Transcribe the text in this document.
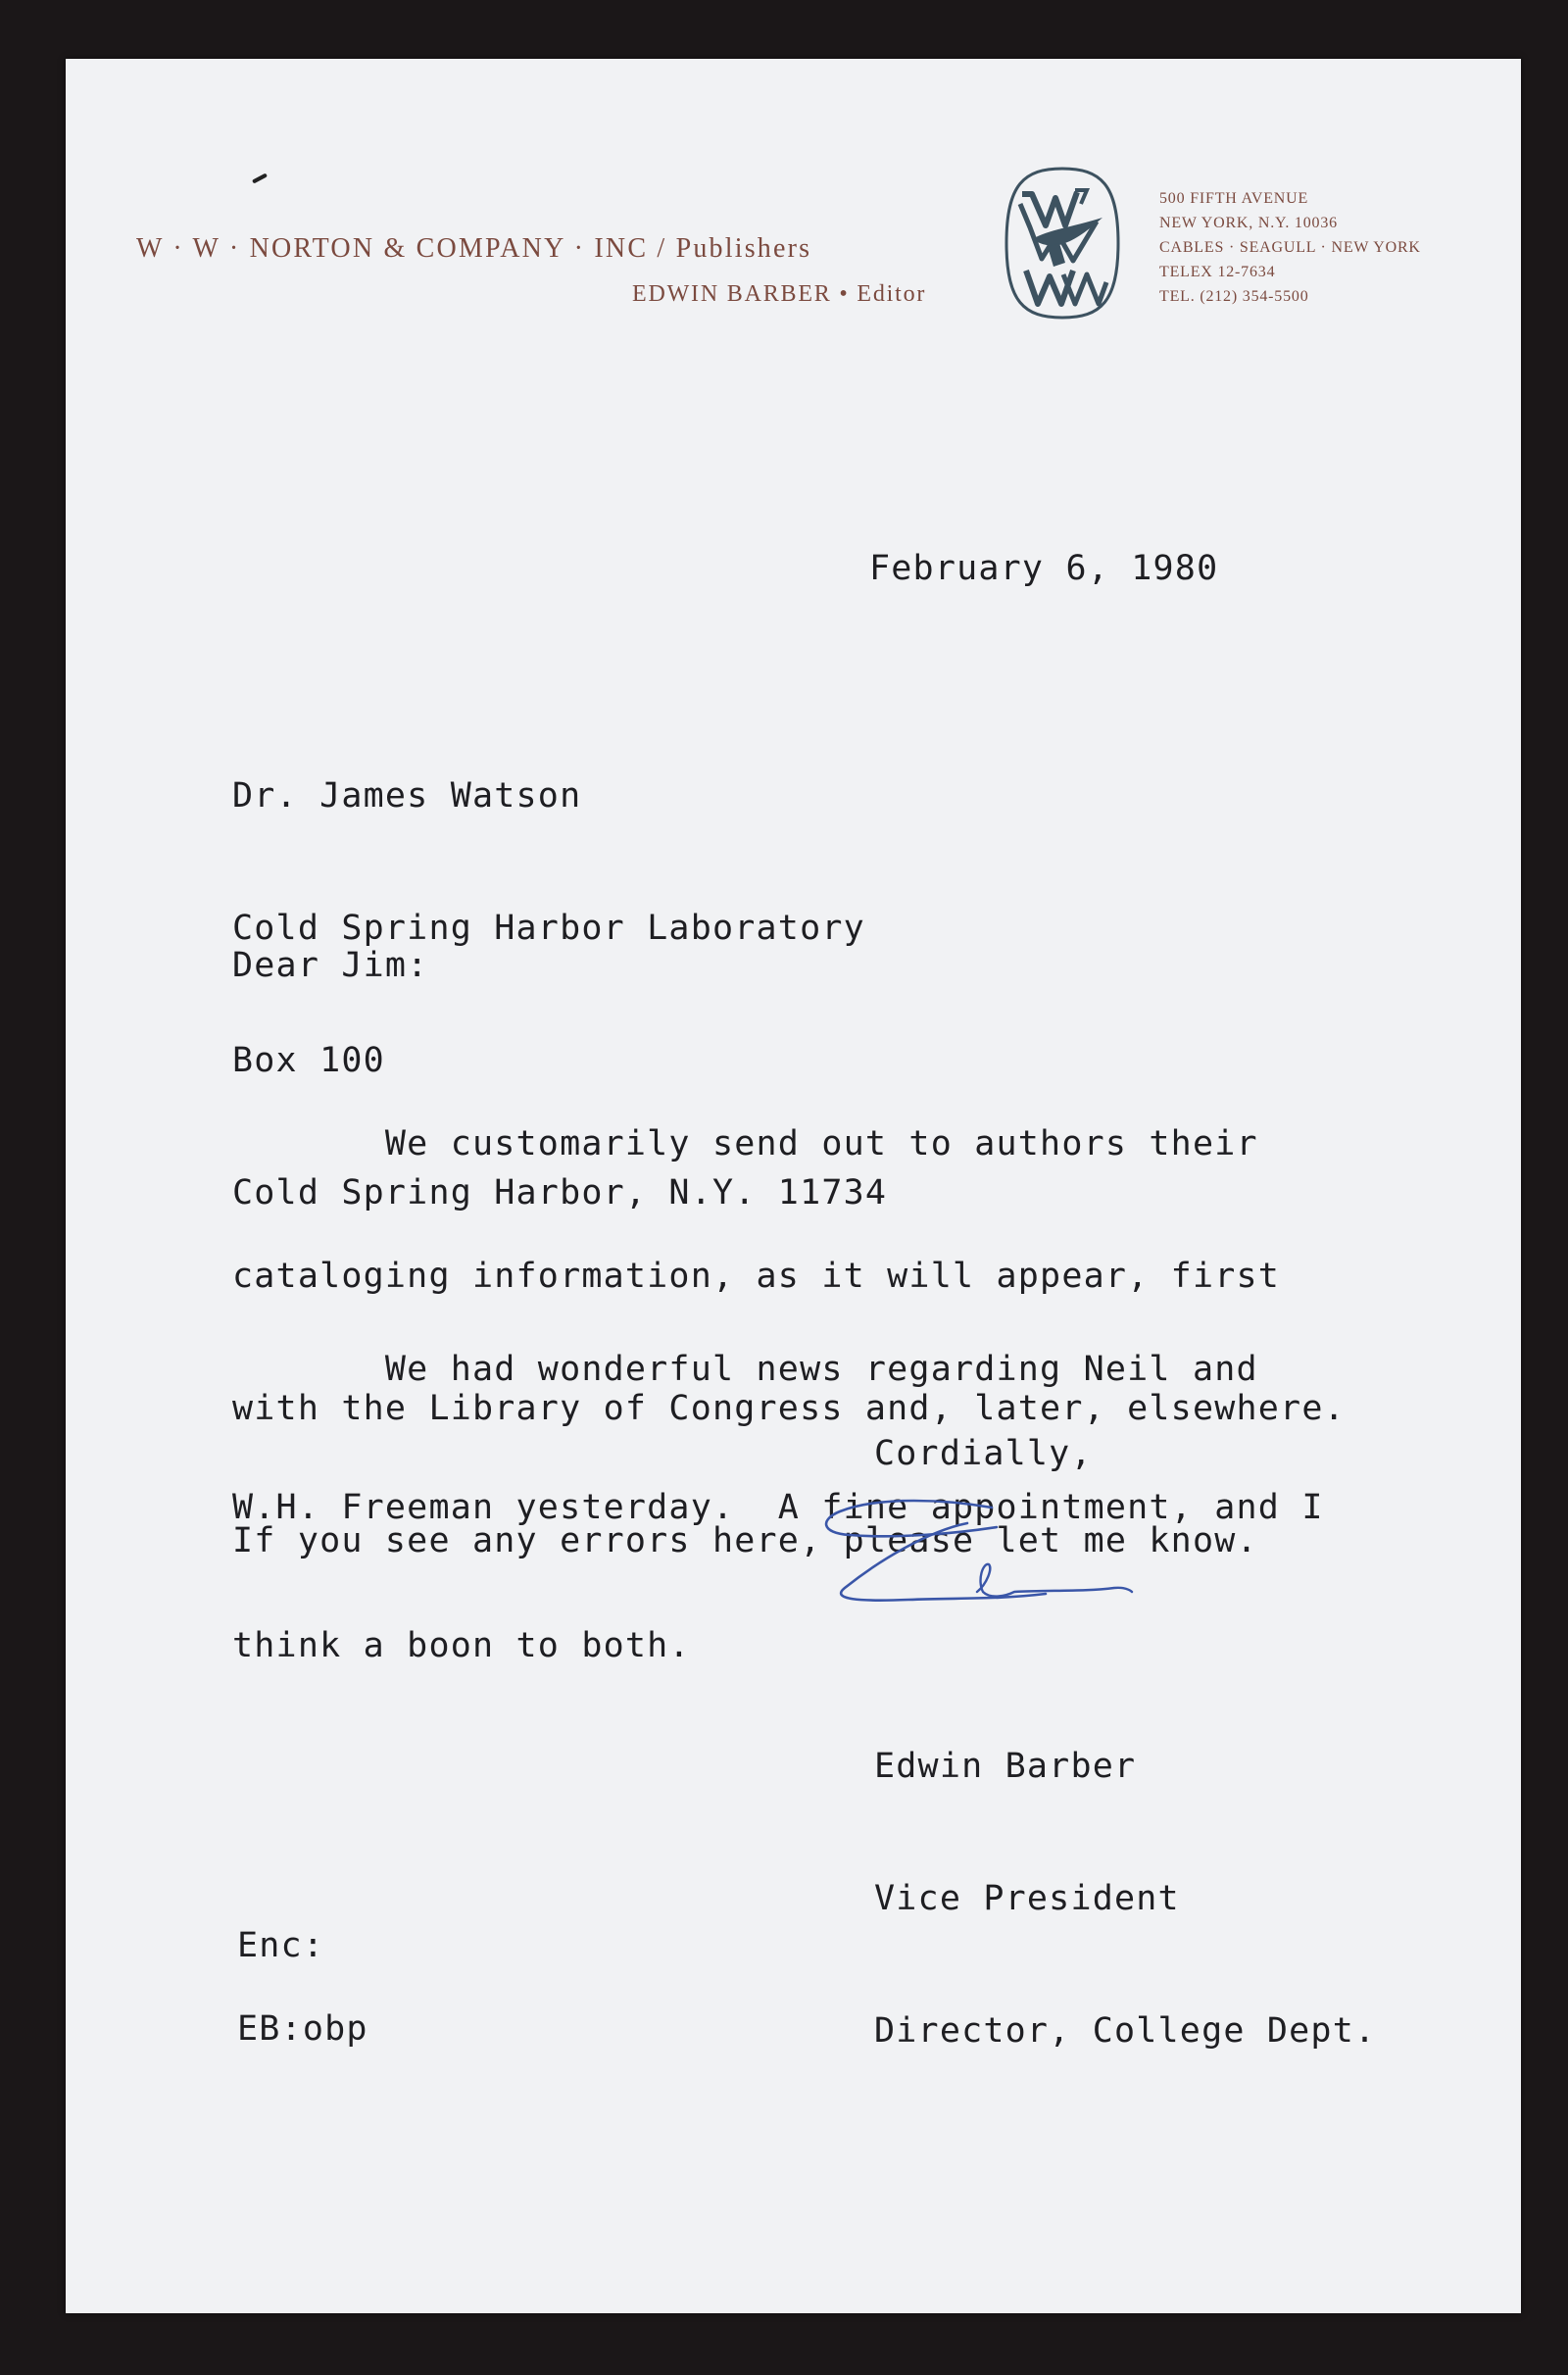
W · W · NORTON & COMPANY · INC / Publishers
EDWIN BARBER • Editor
500 FIFTH AVENUE
NEW YORK, N.Y. 10036
CABLES · SEAGULL · NEW YORK
TELEX 12-7634
TEL. (212) 354-5500
February 6, 1980

Dr. James Watson

Cold Spring Harbor Laboratory

Box 100

Cold Spring Harbor, N.Y. 11734

Dear Jim:

We customarily send out to authors their

cataloging information, as it will appear, first

with the Library of Congress and, later, elsewhere.

If you see any errors here, please let me know.

We had wonderful news regarding Neil and

W.H. Freeman yesterday.  A fine appointment, and I

think a boon to both.

Cordially,

Edwin Barber

Vice President

Director, College Dept.

Enc:
EB:obp
